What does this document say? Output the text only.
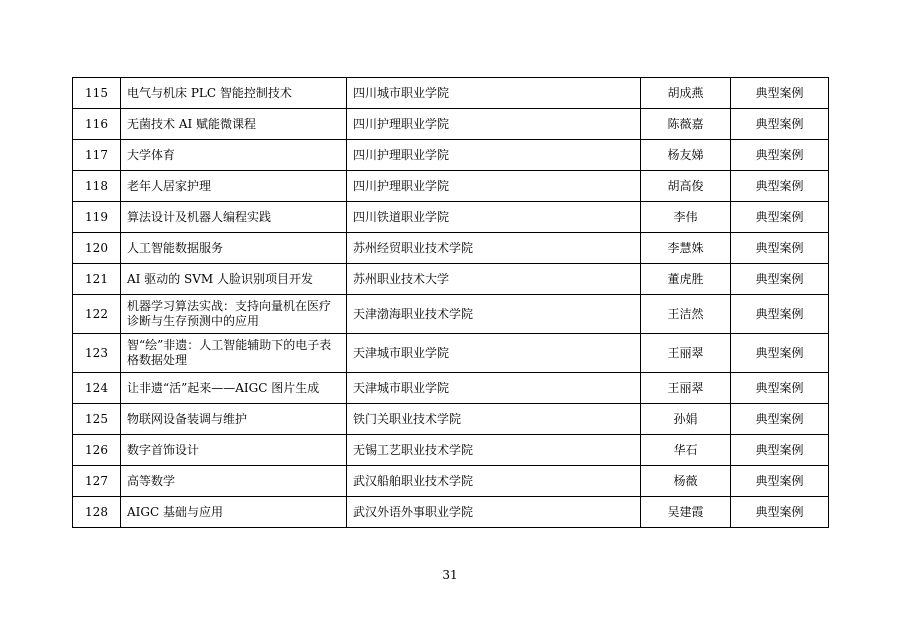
115	电气与机床 PLC 智能控制技术	四川城市职业学院	胡成燕	典型案例
116	无菌技术 AI 赋能微课程	四川护理职业学院	陈薇嘉	典型案例
117	大学体育	四川护理职业学院	杨友娣	典型案例
118	老年人居家护理	四川护理职业学院	胡高俊	典型案例
119	算法设计及机器人编程实践	四川铁道职业学院	李伟	典型案例
120	人工智能数据服务	苏州经贸职业技术学院	李慧姝	典型案例
121	AI 驱动的 SVM 人脸识别项目开发	苏州职业技术大学	董虎胜	典型案例
122	机器学习算法实战：支持向量机在医疗诊断与生存预测中的应用	天津渤海职业技术学院	王洁然	典型案例
123	智“绘”非遗：人工智能辅助下的电子表格数据处理	天津城市职业学院	王丽翠	典型案例
124	让非遗“活”起来——AIGC 图片生成	天津城市职业学院	王丽翠	典型案例
125	物联网设备装调与维护	铁门关职业技术学院	孙娟	典型案例
126	数字首饰设计	无锡工艺职业技术学院	华石	典型案例
127	高等数学	武汉船舶职业技术学院	杨薇	典型案例
128	AIGC 基础与应用	武汉外语外事职业学院	吴建霞	典型案例
31
